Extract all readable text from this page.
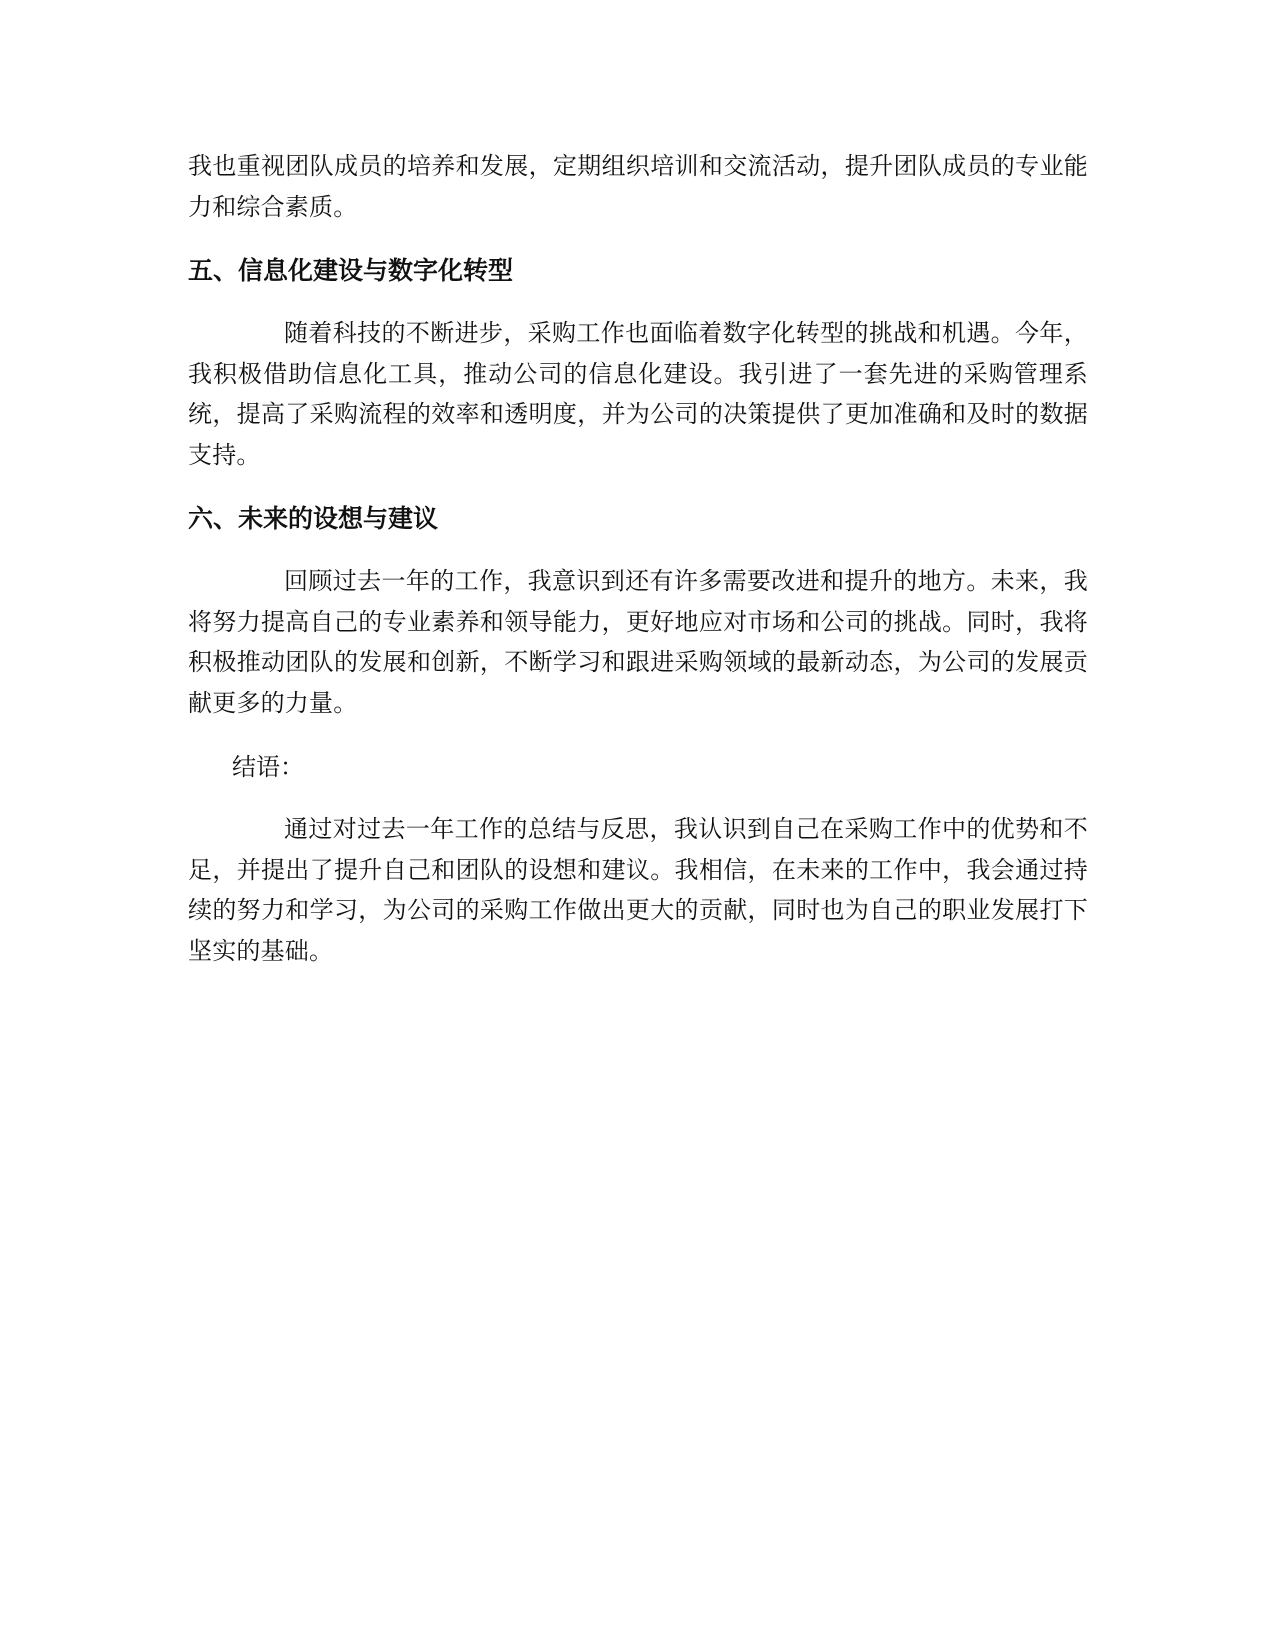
我也重视团队成员的培养和发展，定期组织培训和交流活动，提升团队成员的专业能力和综合素质。

五、信息化建设与数字化转型

随着科技的不断进步，采购工作也面临着数字化转型的挑战和机遇。今年，我积极借助信息化工具，推动公司的信息化建设。我引进了一套先进的采购管理系统，提高了采购流程的效率和透明度，并为公司的决策提供了更加准确和及时的数据支持。

六、未来的设想与建议

回顾过去一年的工作，我意识到还有许多需要改进和提升的地方。未来，我将努力提高自己的专业素养和领导能力，更好地应对市场和公司的挑战。同时，我将积极推动团队的发展和创新，不断学习和跟进采购领域的最新动态，为公司的发展贡献更多的力量。

结语：

通过对过去一年工作的总结与反思，我认识到自己在采购工作中的优势和不足，并提出了提升自己和团队的设想和建议。我相信，在未来的工作中，我会通过持续的努力和学习，为公司的采购工作做出更大的贡献，同时也为自己的职业发展打下坚实的基础。
